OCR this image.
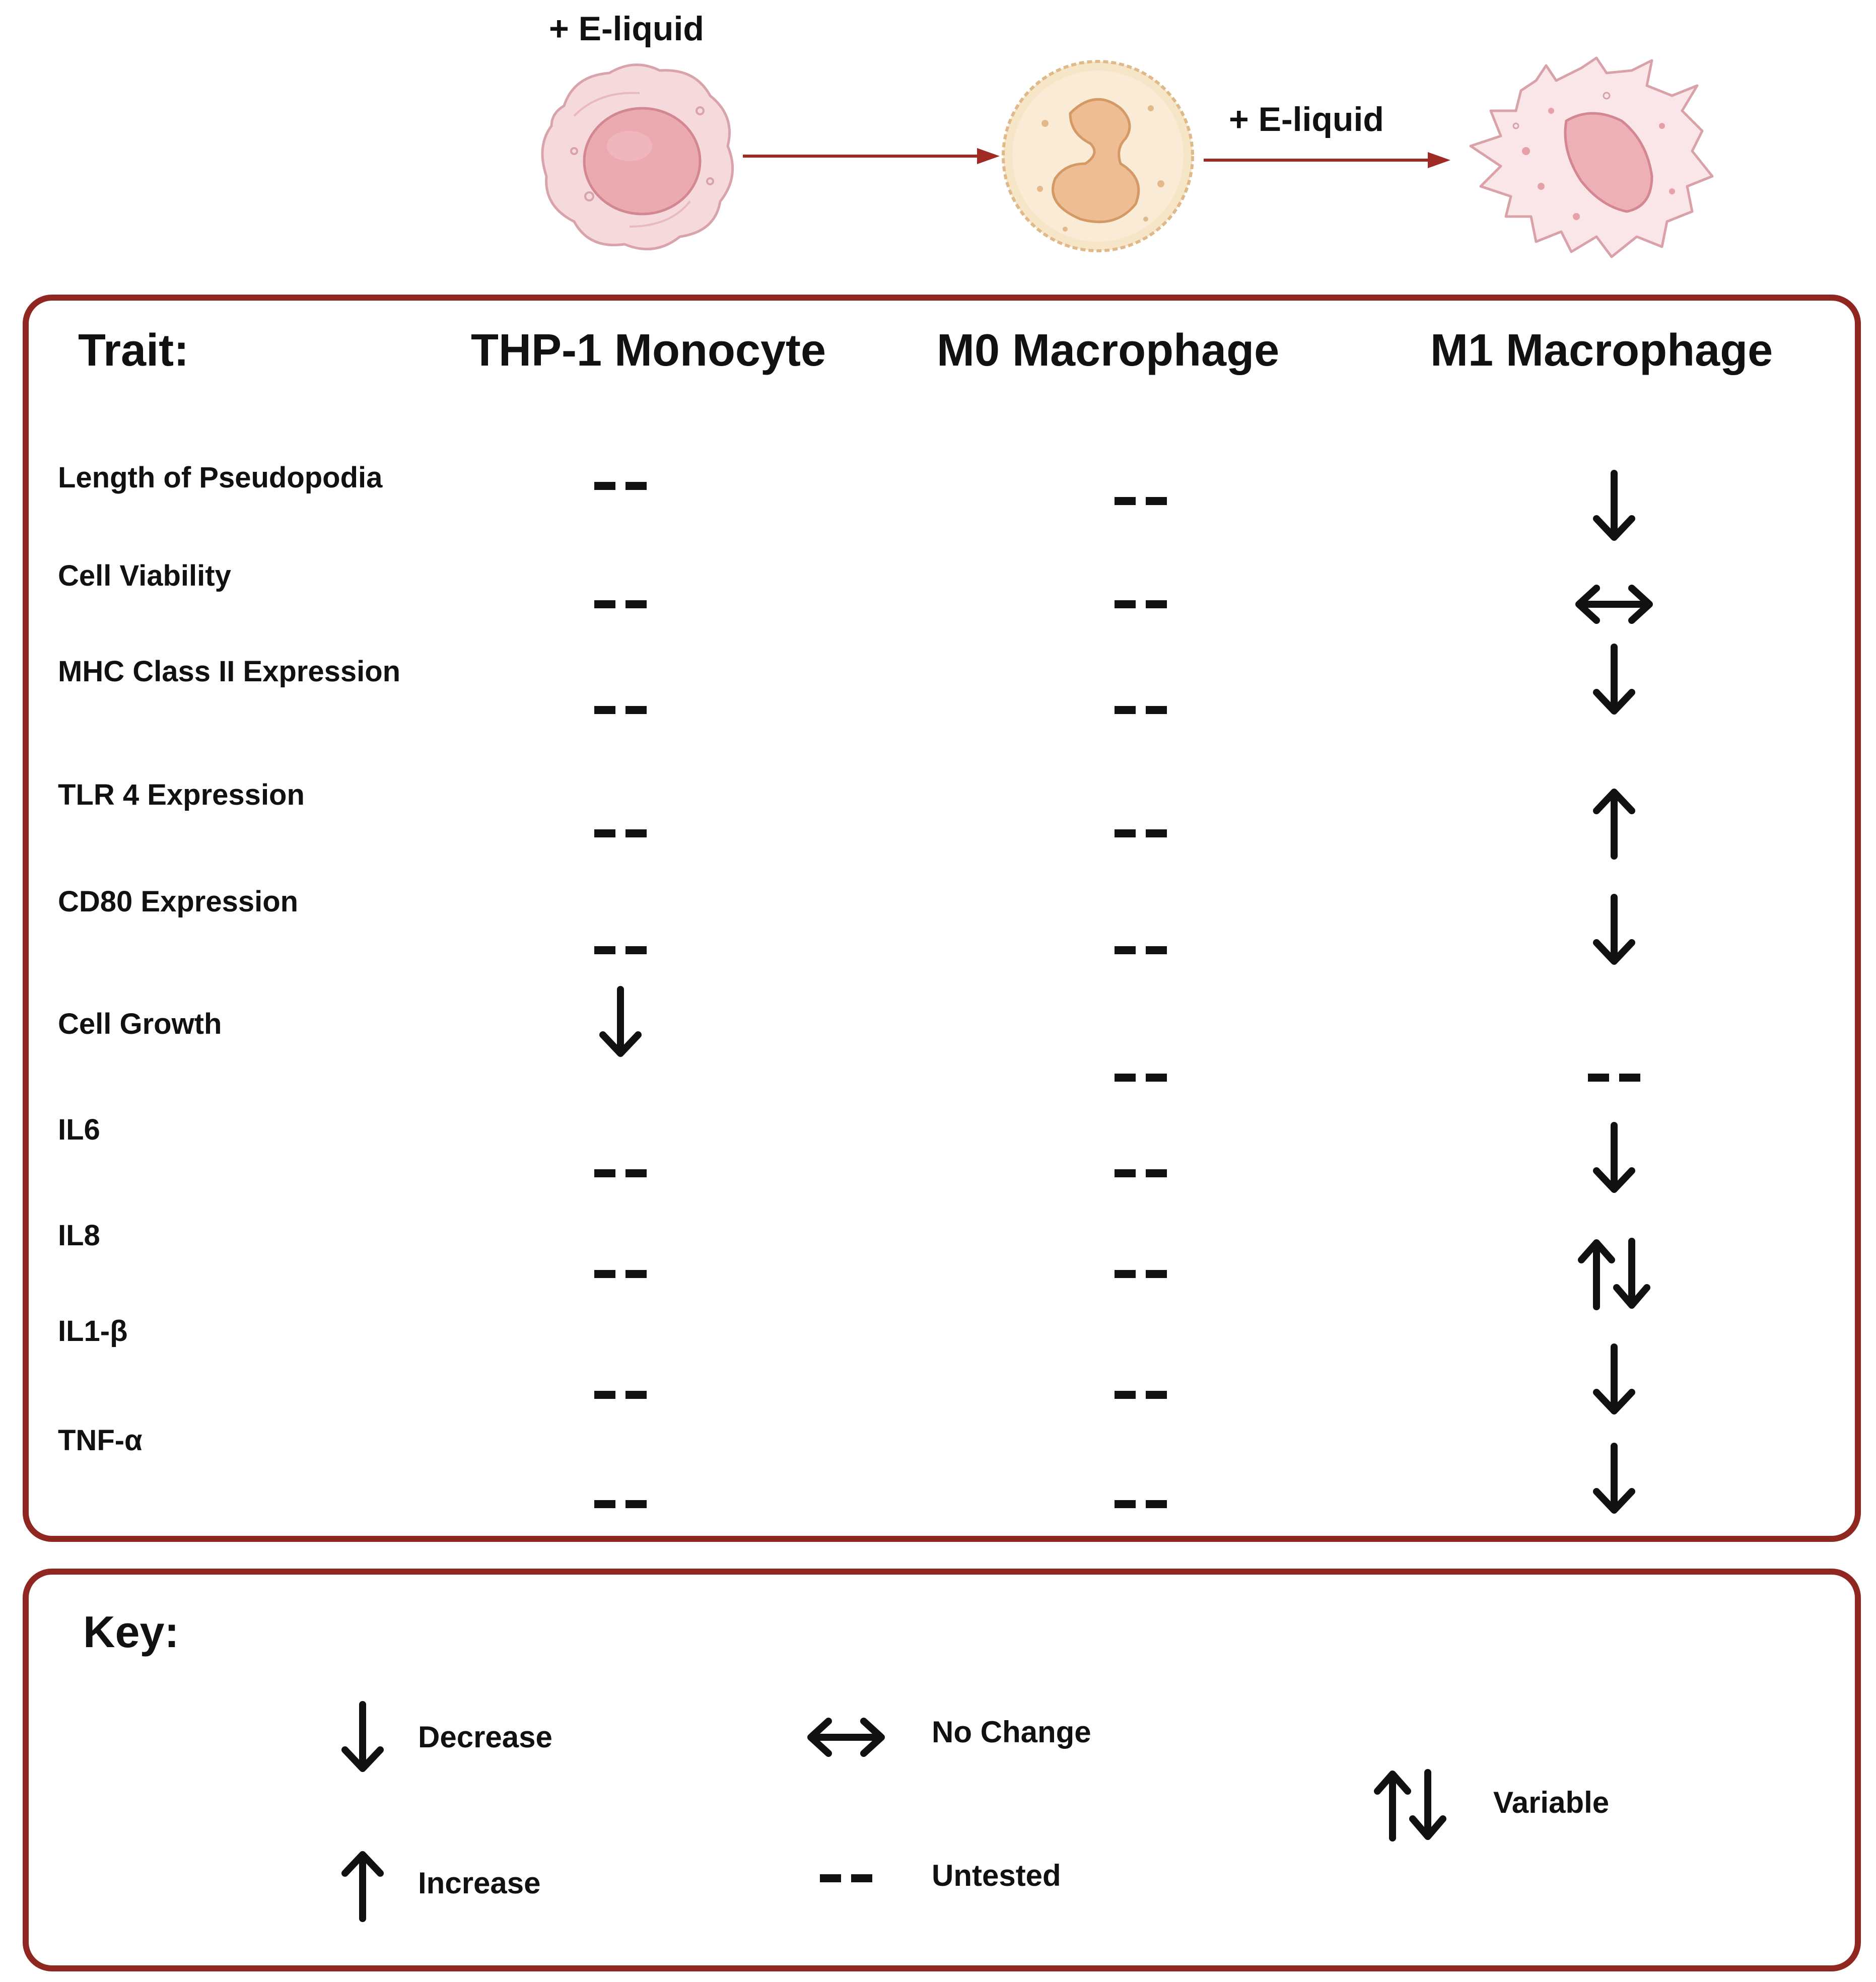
+ E-liquid
+ E-liquid
Trait:	THP-1 Monocyte M0 Macrophage	M1 Macrophage
Length of Pseudopodia
Cell Viability
MHC Class II Expression
TLR 4 Expression
CD80 Expression
Cell Growth
IL6
IL8
IL1-β
TNF-α
Key:
Decrease
Increase
No Change
Untested
Variable
